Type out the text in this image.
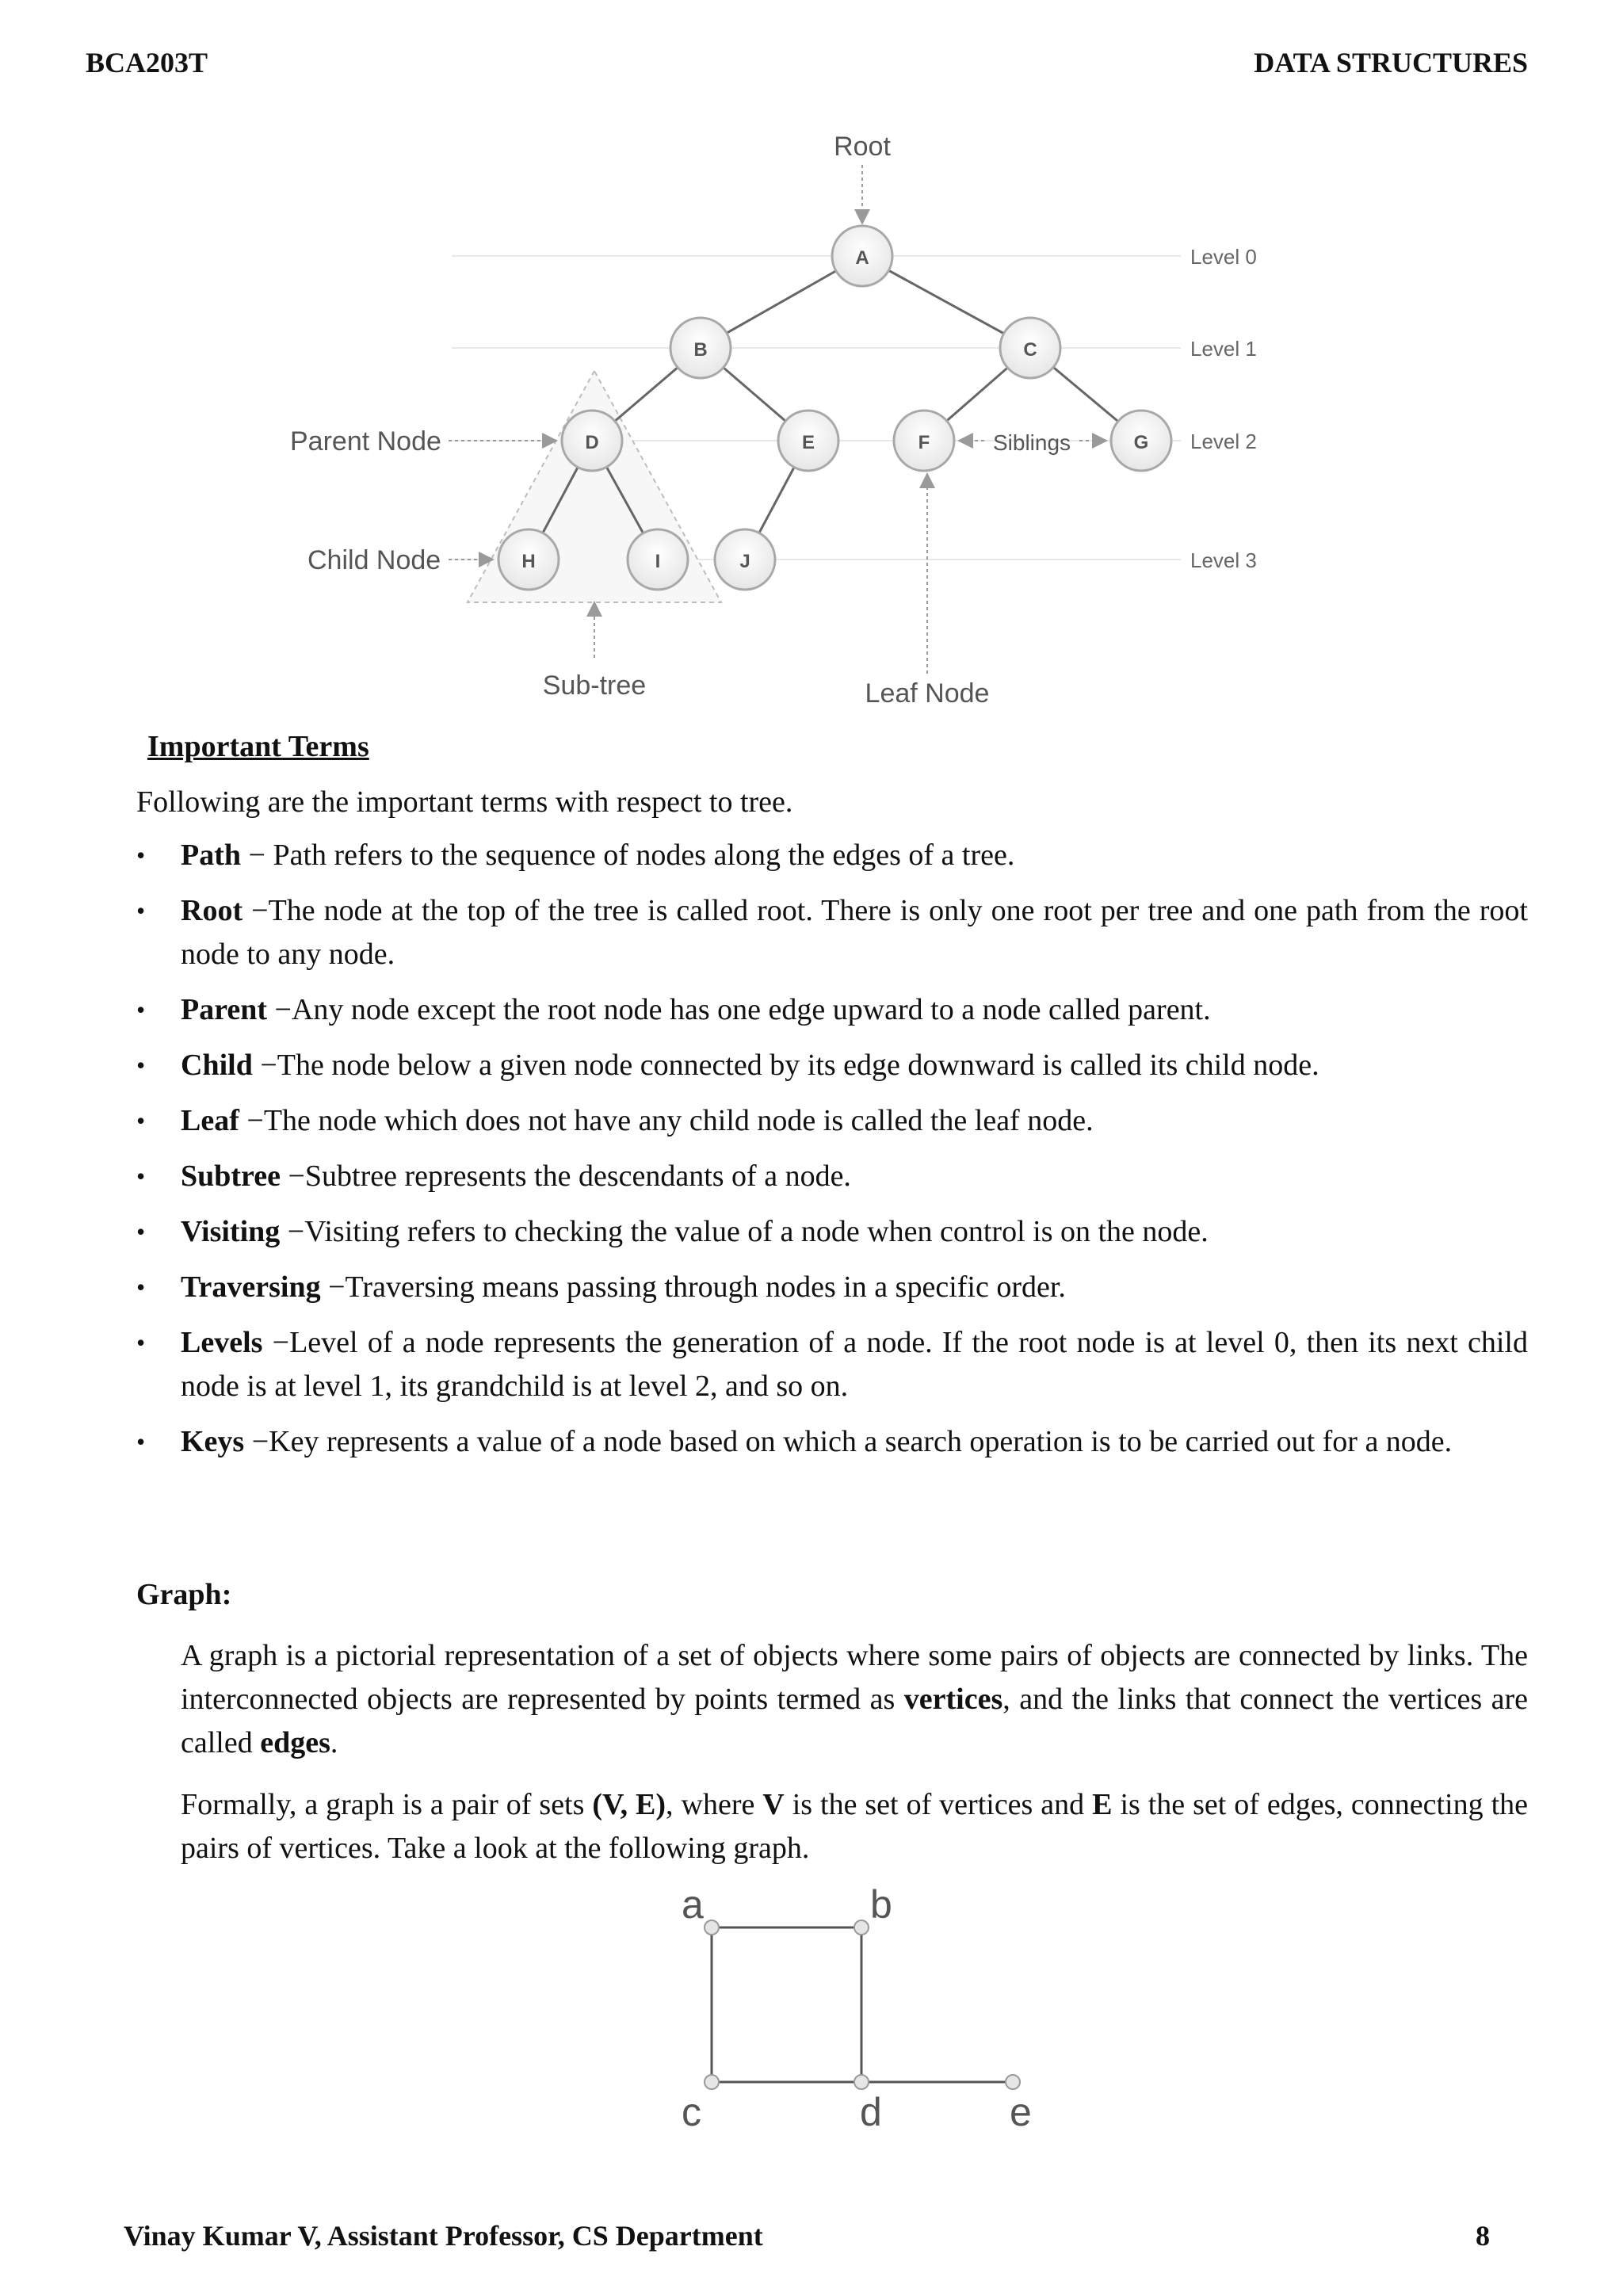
BCA203T	DATA STRUCTURES
Root
A
B	C
D	E	F	G
H	I	J
Level 0
Level 1
Level 2
Level 3
Parent Node
Child Node
Siblings
Sub-tree	Leaf Node
Important Terms
Following are the important terms with respect to tree.
• Path − Path refers to the sequence of nodes along the edges of a tree.
• Root −The node at the top of the tree is called root. There is only one root per tree and one path from the root node to any node.
• Parent −Any node except the root node has one edge upward to a node called parent.
• Child −The node below a given node connected by its edge downward is called its child node.
• Leaf −The node which does not have any child node is called the leaf node.
• Subtree −Subtree represents the descendants of a node.
• Visiting −Visiting refers to checking the value of a node when control is on the node.
• Traversing −Traversing means passing through nodes in a specific order.
• Levels −Level of a node represents the generation of a node. If the root node is at level 0, then its next child node is at level 1, its grandchild is at level 2, and so on.
• Keys −Key represents a value of a node based on which a search operation is to be carried out for a node.
Graph:
A graph is a pictorial representation of a set of objects where some pairs of objects are connected by links. The interconnected objects are represented by points termed as vertices, and the links that connect the vertices are called edges.
Formally, a graph is a pair of sets (V, E), where V is the set of vertices and E is the set of edges, connecting the pairs of vertices. Take a look at the following graph.
a	b
c	d	e
Vinay Kumar V, Assistant Professor, CS Department	8
